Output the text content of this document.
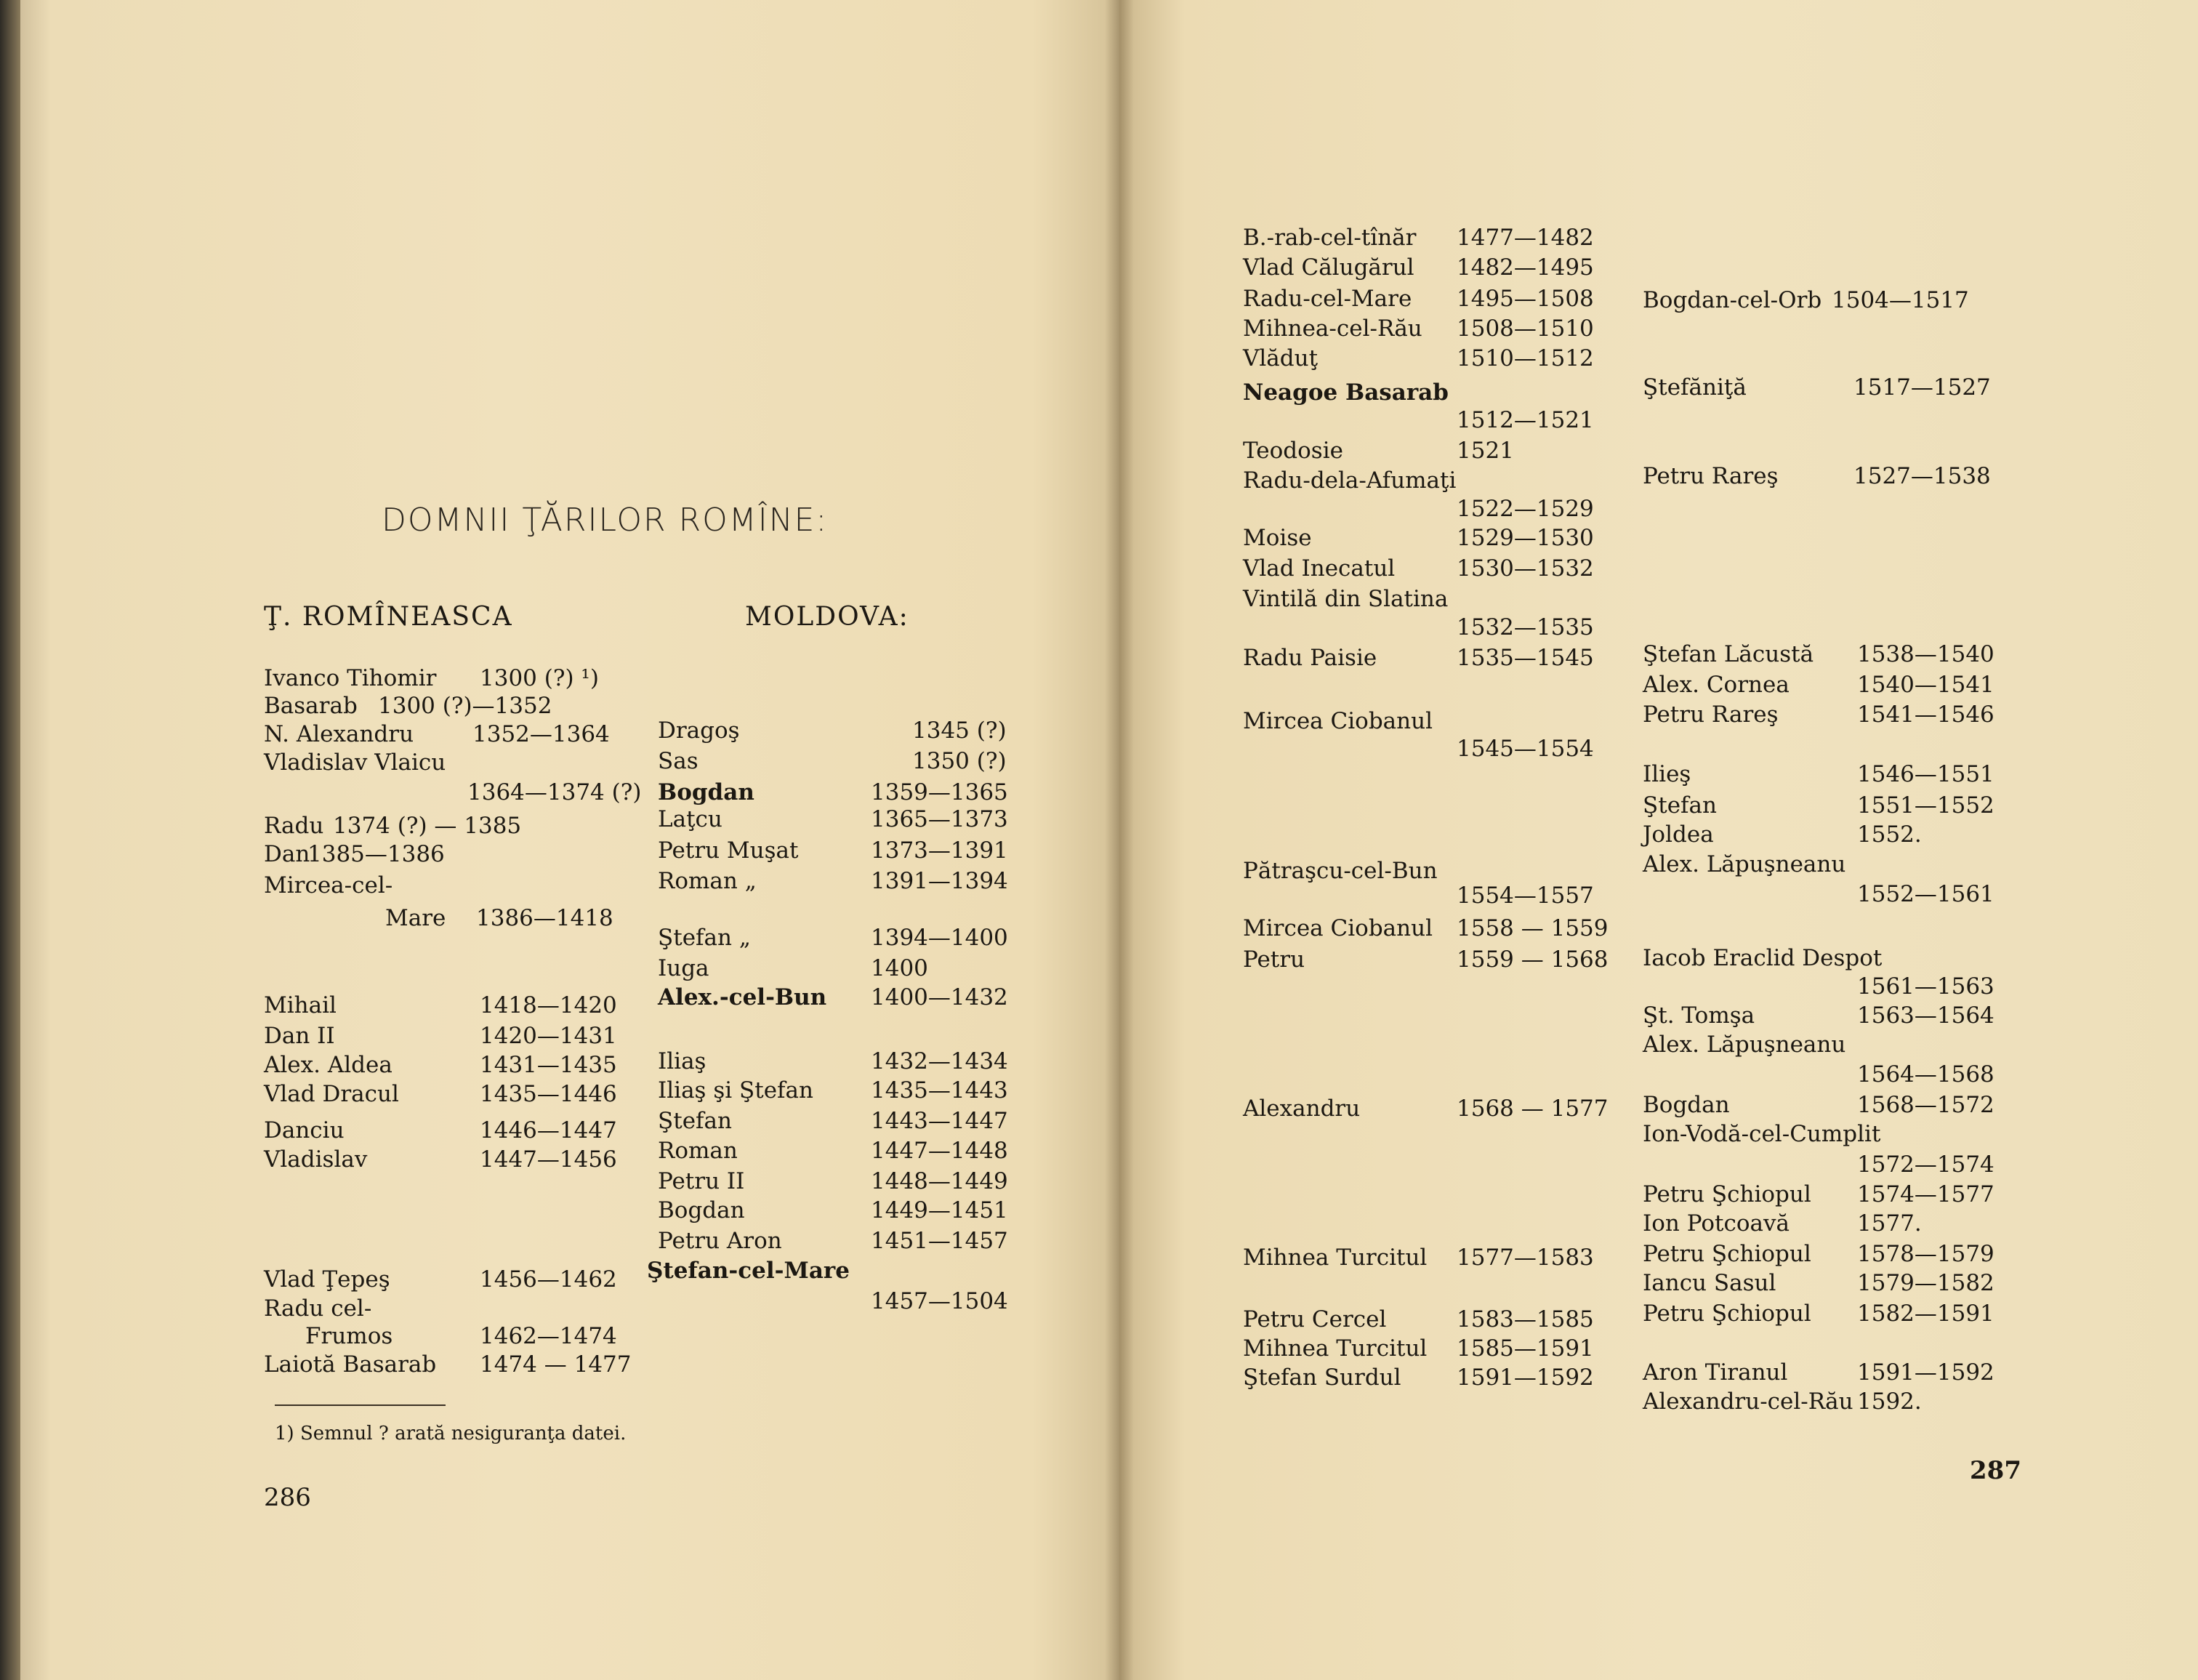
DOMNII ŢĂRILOR ROMÎNE:
Ţ. ROMÎNEASCA	MOLDOVA:
Ivanco Tihomir 1300 (?) ¹)
Basarab 1300 (?)—1352
N. Alexandru	1352—1364
Vladislav Vlaicu
1364—1374 (?)
Radu 1374 (?) — 1385
Dan
1385—1386
Mircea-cel-
Mare 1386—1418
Mihail	1418—1420
Dan II	1420—1431
Alex. Aldea	1431—1435
Vlad Dracul	1435—1446
Danciu	1446—1447
Vladislav	1447—1456
Vlad Ţepeş	1456—1462
Radu cel-
Frumos	1462—1474
Laiotă Basarab 1474 — 1477
Dragoş	1345 (?)
Sas	1350 (?)
Bogdan	1359—1365
Laţcu	1365—1373
Petru Muşat	1373—1391
Roman „	1391—1394
Ştefan „	1394—1400
Iuga	1400
Alex.-cel-Bun 1400—1432
Iliaş	1432—1434
Iliaş şi Ştefan	1435—1443
Ştefan	1443—1447
Roman	1447—1448
Petru II	1448—1449
Bogdan	1449—1451
Petru Aron	1451—1457
Ştefan-cel-Mare
1457—1504
1) Semnul ? arată nesiguranţa datei.
286
B.-rab-cel-tînăr 1477—1482
Vlad Călugărul 1482—1495
Radu-cel-Mare 1495—1508
Mihnea-cel-Rău 1508—1510
Vlăduţ	1510—1512
Neagoe Basarab
1512—1521
Teodosie	1521
Radu-dela-Afumaţi
1522—1529
Moise	1529—1530
Vlad Inecatul	1530—1532
Vintilă din Slatina
1532—1535
Radu Paisie	1535—1545
Mircea Ciobanul
1545—1554
Pătraşcu-cel-Bun
1554—1557
Mircea Ciobanul 1558 — 1559
Petru	1559 — 1568
Alexandru	1568 — 1577
Mihnea Turcitul 1577—1583
Petru Cercel	1583—1585
Mihnea Turcitul 1585—1591
Ştefan Surdul 1591—1592
Bogdan-cel-Orb 1504—1517
Ştefăniţă	1517—1527
Petru Rareş	1527—1538
Ştefan Lăcustă 1538—1540
Alex. Cornea	1540—1541
Petru Rareş	1541—1546
Ilieş	1546—1551
Ştefan	1551—1552
Joldea	1552.
Alex. Lăpuşneanu
1552—1561
Iacob Eraclid Despot
1561—1563
Şt. Tomşa	1563—1564
Alex. Lăpuşneanu
1564—1568
Bogdan	1568—1572
Ion-Vodă-cel-Cumplit
1572—1574
Petru Şchiopul 1574—1577
Ion Potcoavă	1577.
Petru Şchiopul 1578—1579
Iancu Sasul	1579—1582
Petru Şchiopul 1582—1591
Aron Tiranul	1591—1592
Alexandru-cel-Rău 1592.
287
